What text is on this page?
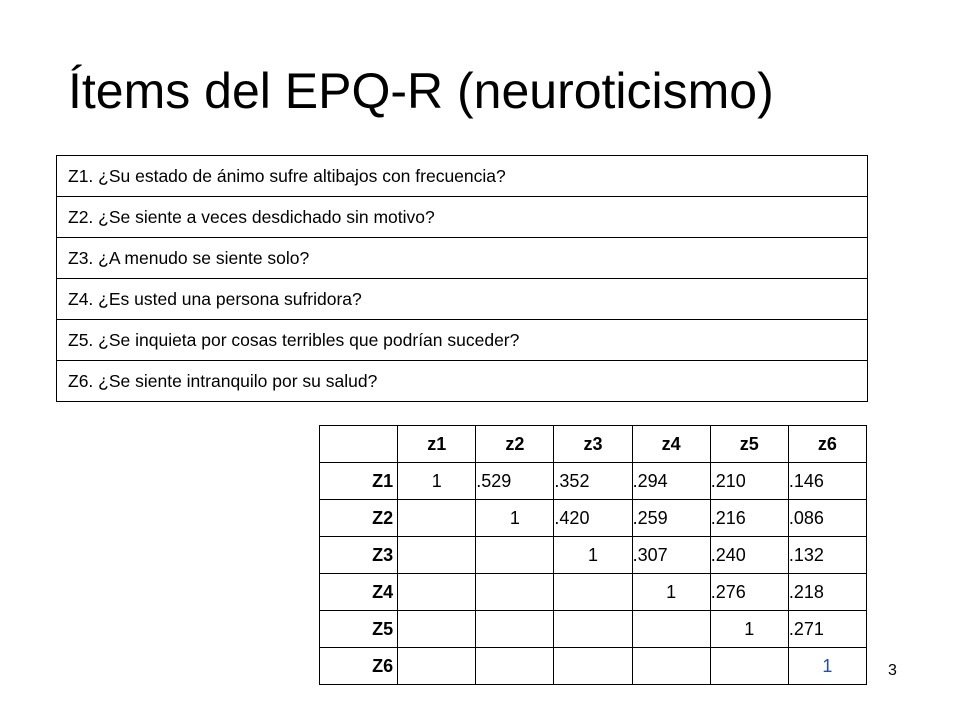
Ítems del EPQ-R (neuroticismo)
Z1. ¿Su estado de ánimo sufre altibajos con frecuencia?
Z2. ¿Se siente a veces desdichado sin motivo?
Z3. ¿A menudo se siente solo?
Z4. ¿Es usted una persona sufridora?
Z5. ¿Se inquieta por cosas terribles que podrían suceder?
Z6. ¿Se siente intranquilo por su salud?
	z1	z2	z3	z4	z5	z6
Z1	1	.529	.352	.294	.210	.146
Z2		1	.420	.259	.216	.086
Z3			1	.307	.240	.132
Z4				1	.276	.218
Z5					1	.271
Z6						1	3
